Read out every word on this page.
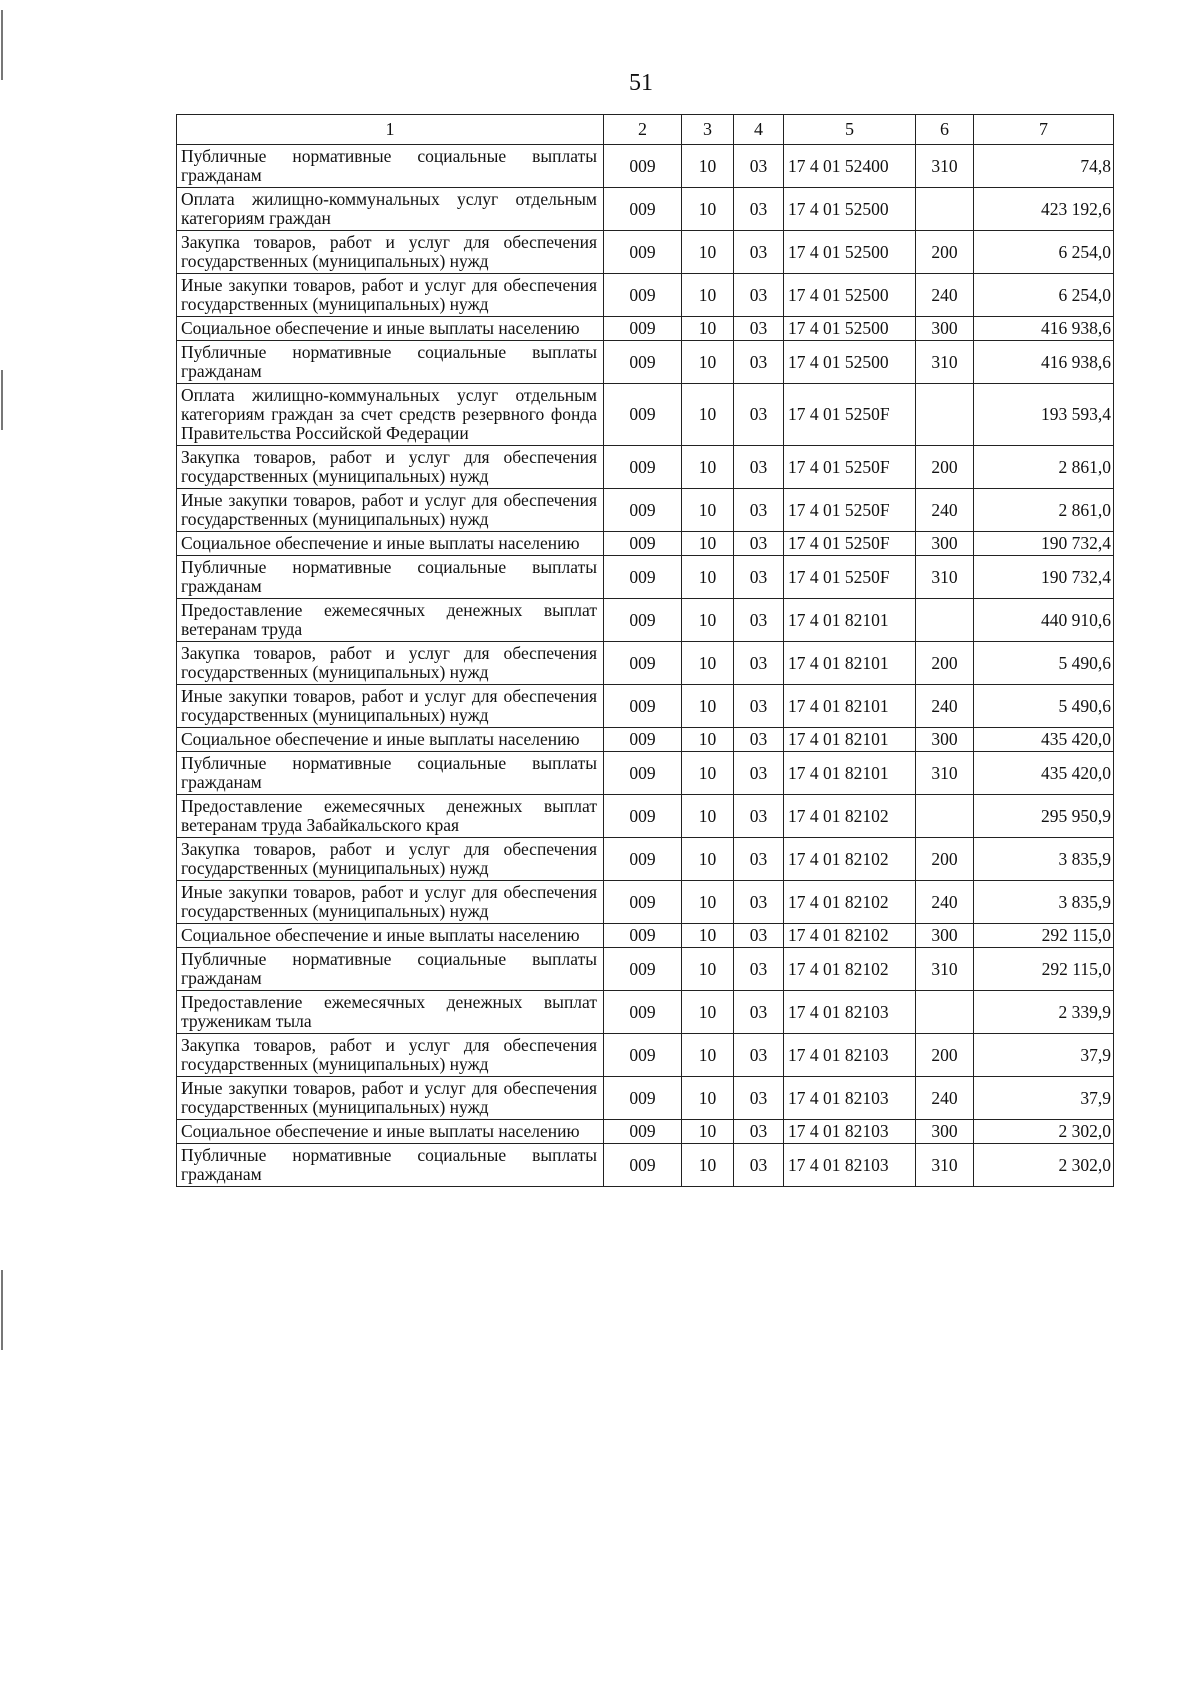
51
1	2	3	4	5	6	7
Публичные нормативные социальные выплаты гражданам	009	10	03	17 4 01 52400	310	74,8
Оплата жилищно-коммунальных услуг отдельным категориям граждан	009	10	03	17 4 01 52500		423 192,6
Закупка товаров, работ и услуг для обеспечения государственных (муниципальных) нужд	009	10	03	17 4 01 52500	200	6 254,0
Иные закупки товаров, работ и услуг для обеспечения государственных (муниципальных) нужд	009	10	03	17 4 01 52500	240	6 254,0
Социальное обеспечение и иные выплаты населению	009	10	03	17 4 01 52500	300	416 938,6
Публичные нормативные социальные выплаты гражданам	009	10	03	17 4 01 52500	310	416 938,6
Оплата жилищно-коммунальных услуг отдельным категориям граждан за счет средств резервного фонда Правительства Российской Федерации	009	10	03	17 4 01 5250F		193 593,4
Закупка товаров, работ и услуг для обеспечения государственных (муниципальных) нужд	009	10	03	17 4 01 5250F	200	2 861,0
Иные закупки товаров, работ и услуг для обеспечения государственных (муниципальных) нужд	009	10	03	17 4 01 5250F	240	2 861,0
Социальное обеспечение и иные выплаты населению	009	10	03	17 4 01 5250F	300	190 732,4
Публичные нормативные социальные выплаты гражданам	009	10	03	17 4 01 5250F	310	190 732,4
Предоставление ежемесячных денежных выплат ветеранам труда	009	10	03	17 4 01 82101		440 910,6
Закупка товаров, работ и услуг для обеспечения государственных (муниципальных) нужд	009	10	03	17 4 01 82101	200	5 490,6
Иные закупки товаров, работ и услуг для обеспечения государственных (муниципальных) нужд	009	10	03	17 4 01 82101	240	5 490,6
Социальное обеспечение и иные выплаты населению	009	10	03	17 4 01 82101	300	435 420,0
Публичные нормативные социальные выплаты гражданам	009	10	03	17 4 01 82101	310	435 420,0
Предоставление ежемесячных денежных выплат ветеранам труда Забайкальского края	009	10	03	17 4 01 82102		295 950,9
Закупка товаров, работ и услуг для обеспечения государственных (муниципальных) нужд	009	10	03	17 4 01 82102	200	3 835,9
Иные закупки товаров, работ и услуг для обеспечения государственных (муниципальных) нужд	009	10	03	17 4 01 82102	240	3 835,9
Социальное обеспечение и иные выплаты населению	009	10	03	17 4 01 82102	300	292 115,0
Публичные нормативные социальные выплаты гражданам	009	10	03	17 4 01 82102	310	292 115,0
Предоставление ежемесячных денежных выплат труженикам тыла	009	10	03	17 4 01 82103		2 339,9
Закупка товаров, работ и услуг для обеспечения государственных (муниципальных) нужд	009	10	03	17 4 01 82103	200	37,9
Иные закупки товаров, работ и услуг для обеспечения государственных (муниципальных) нужд	009	10	03	17 4 01 82103	240	37,9
Социальное обеспечение и иные выплаты населению	009	10	03	17 4 01 82103	300	2 302,0
Публичные нормативные социальные выплаты гражданам	009	10	03	17 4 01 82103	310	2 302,0
